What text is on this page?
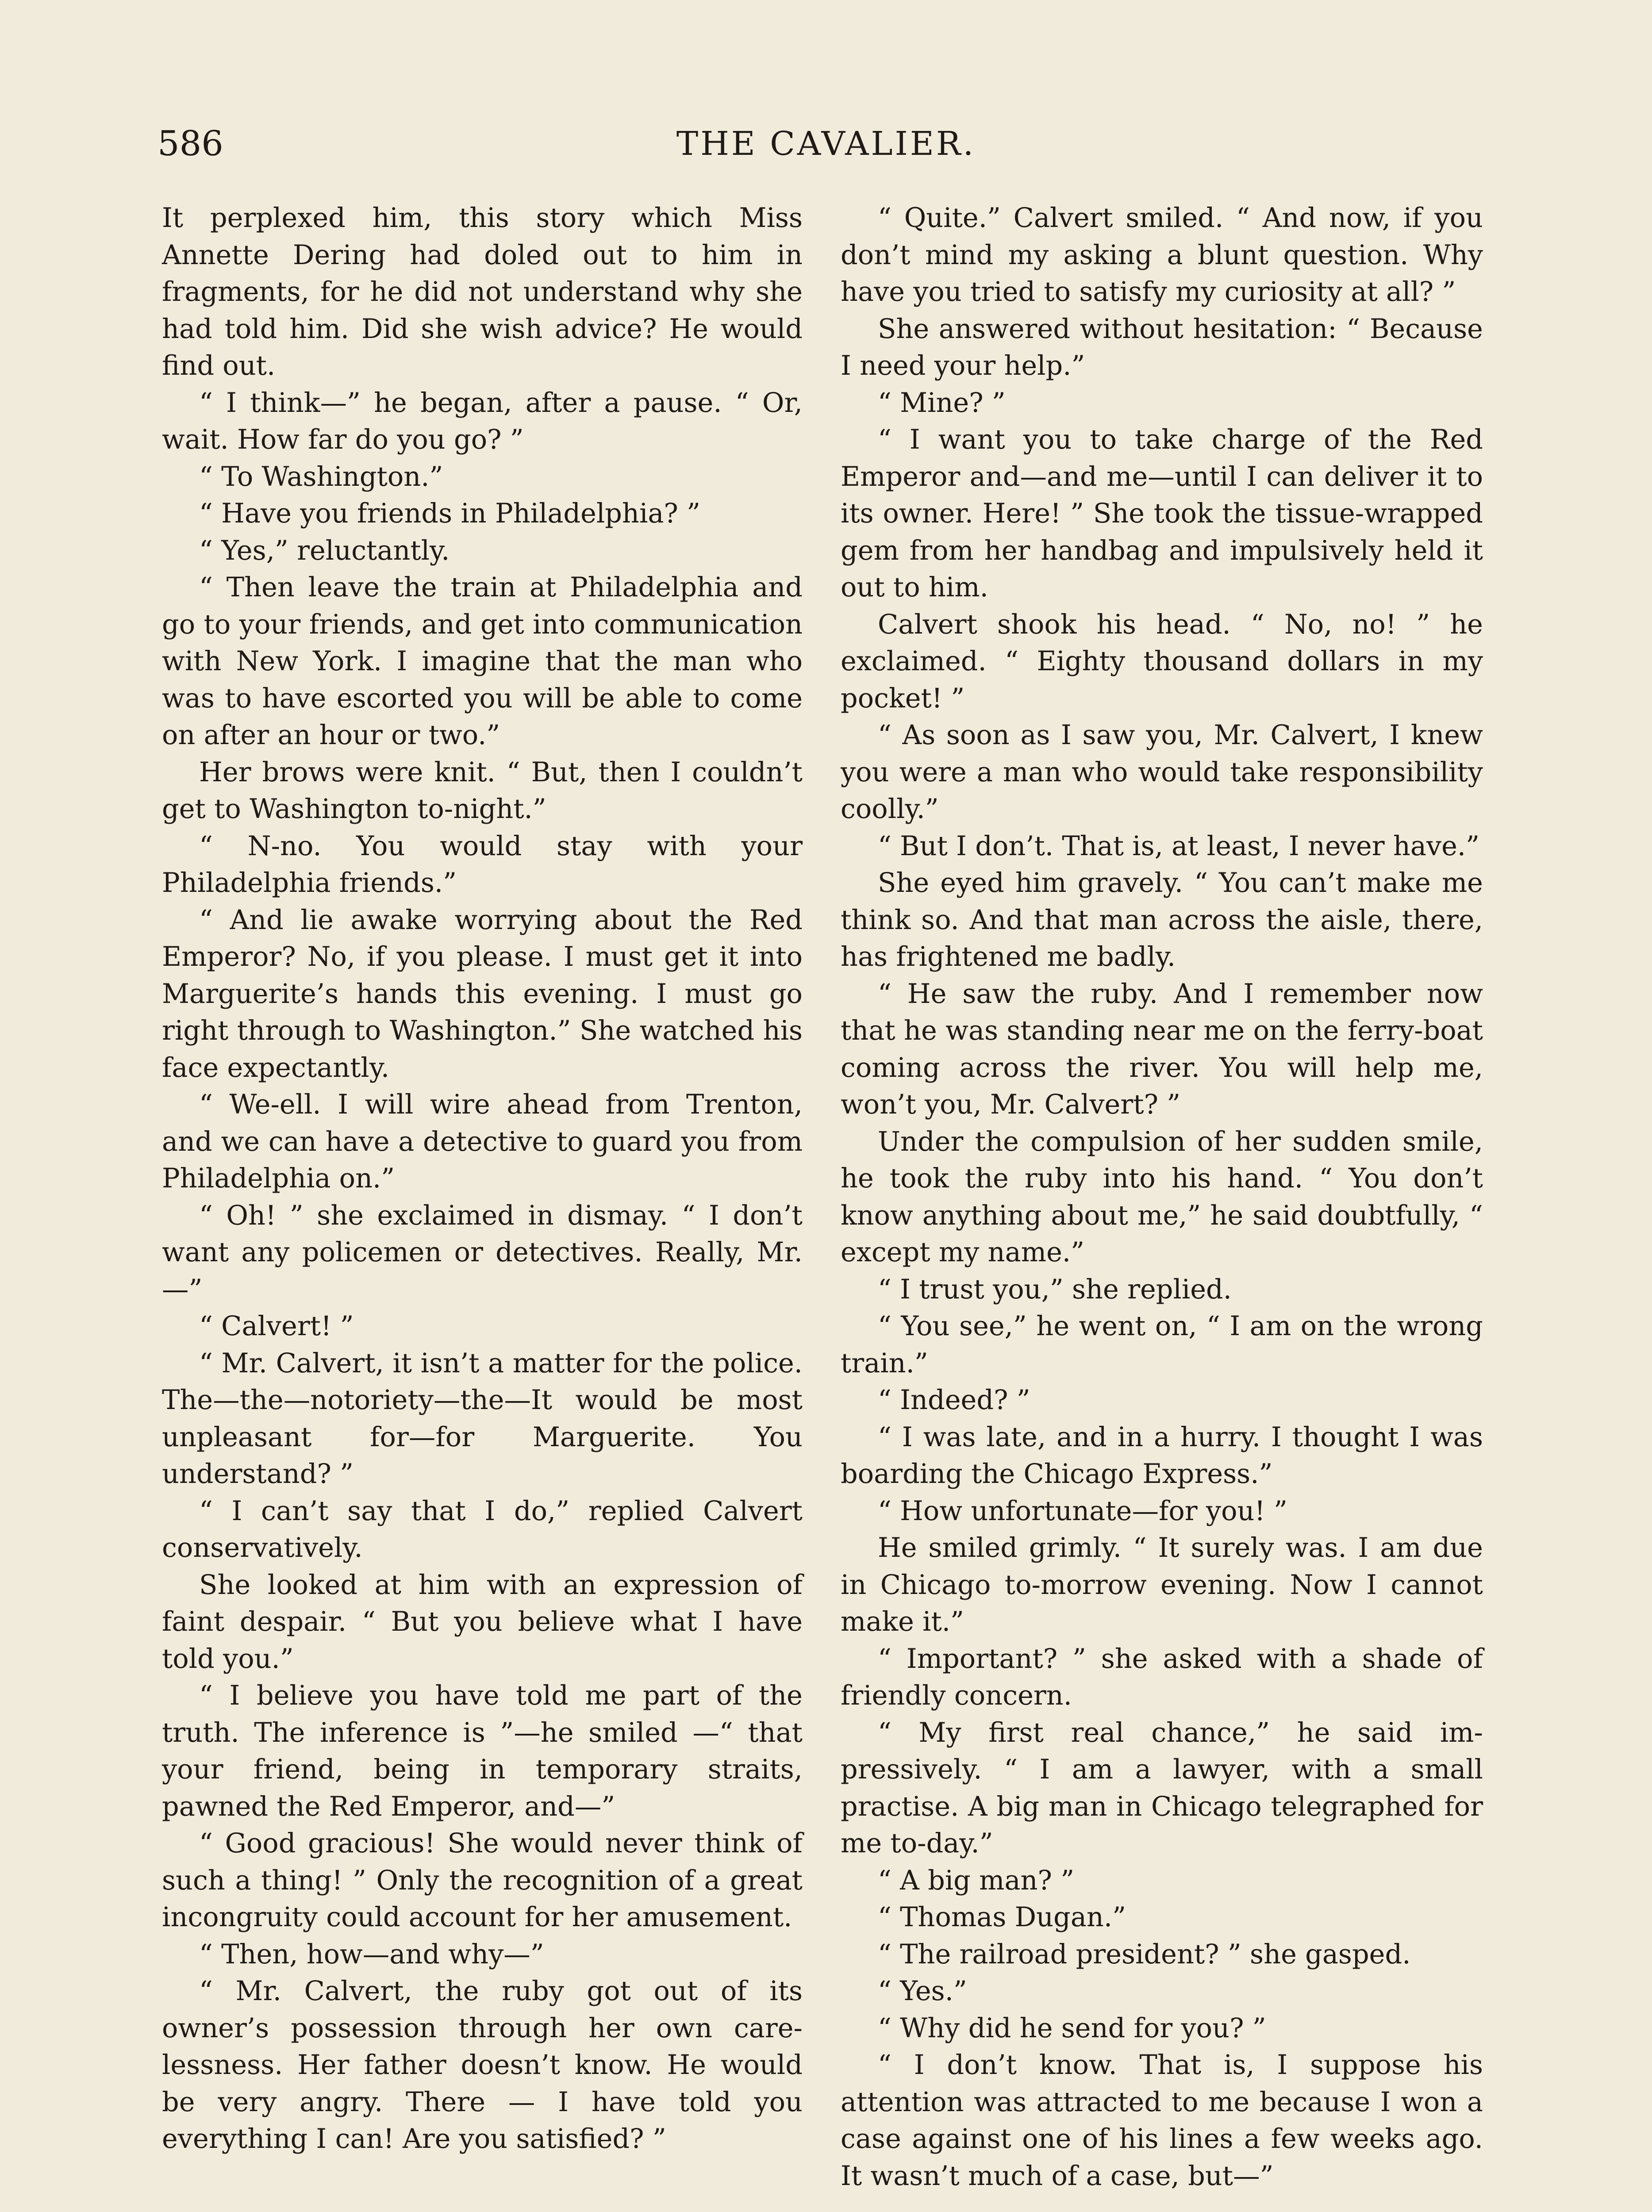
586	THE CAVALIER.

It perplexed him, this story which Miss Annette Dering had doled out to him in fragments, for he did not understand why she had told him. Did she wish advice? He would find out.

“ I think—” he began, after a pause. “ Or, wait. How far do you go? ”

“ To Washington.”

“ Have you friends in Philadelphia? ”

“ Yes,” reluctantly.

“ Then leave the train at Philadelphia and go to your friends, and get into communication with New York. I imagine that the man who was to have escorted you will be able to come on after an hour or two.”

Her brows were knit. “ But, then I couldn’t get to Washington to-night.”

“ N-no. You would stay with your Philadelphia friends.”

“ And lie awake worrying about the Red Emperor? No, if you please. I must get it into Marguerite’s hands this evening. I must go right through to Washington.” She watched his face expectantly.

“ We-ell. I will wire ahead from Trenton, and we can have a detective to guard you from Philadelphia on.”

“ Oh! ” she exclaimed in dismay. “ I don’t want any policemen or detectives. Really, Mr.—”

“ Calvert! ”

“ Mr. Calvert, it isn’t a matter for the police. The—the—notoriety—the—It would be most unpleasant for—for Marguerite. You understand? ”

“ I can’t say that I do,” replied Calvert conservatively.

She looked at him with an expression of faint despair. “ But you believe what I have told you.”

“ I believe you have told me part of the truth. The inference is ”—he smiled —“ that your friend, being in temporary straits, pawned the Red Emperor, and—”

“ Good gracious! She would never think of such a thing! ” Only the recognition of a great incongruity could account for her amusement.

“ Then, how—and why—”

“ Mr. Calvert, the ruby got out of its owner’s possession through her own carelessness. Her father doesn’t know. He would be very angry. There — I have told you everything I can! Are you satisfied? ”

“ Quite.” Calvert smiled. “ And now, if you don’t mind my asking a blunt question. Why have you tried to satisfy my curiosity at all? ”

She answered without hesitation: “ Because I need your help.”

“ Mine? ”

“ I want you to take charge of the Red Emperor and—and me—until I can deliver it to its owner. Here! ” She took the tissue-wrapped gem from her handbag and impulsively held it out to him.

Calvert shook his head. “ No, no! ” he exclaimed. “ Eighty thousand dollars in my pocket! ”

“ As soon as I saw you, Mr. Calvert, I knew you were a man who would take responsibility coolly.”

“ But I don’t. That is, at least, I never have.”

She eyed him gravely. “ You can’t make me think so. And that man across the aisle, there, has frightened me badly.

“ He saw the ruby. And I remember now that he was standing near me on the ferry-boat coming across the river. You will help me, won’t you, Mr. Calvert? ”

Under the compulsion of her sudden smile, he took the ruby into his hand. “ You don’t know anything about me,” he said doubtfully, “ except my name.”

“ I trust you,” she replied.

“ You see,” he went on, “ I am on the wrong train.”

“ Indeed? ”

“ I was late, and in a hurry. I thought I was boarding the Chicago Express.”

“ How unfortunate—for you! ”

He smiled grimly. “ It surely was. I am due in Chicago to-morrow evening. Now I cannot make it.”

“ Important? ” she asked with a shade of friendly concern.

“ My first real chance,” he said impressively. “ I am a lawyer, with a small practise. A big man in Chicago telegraphed for me to-day.”

“ A big man? ”

“ Thomas Dugan.”

“ The railroad president? ” she gasped.

“ Yes.”

“ Why did he send for you? ”

“ I don’t know. That is, I suppose his attention was attracted to me because I won a case against one of his lines a few weeks ago. It wasn’t much of a case, but—”
